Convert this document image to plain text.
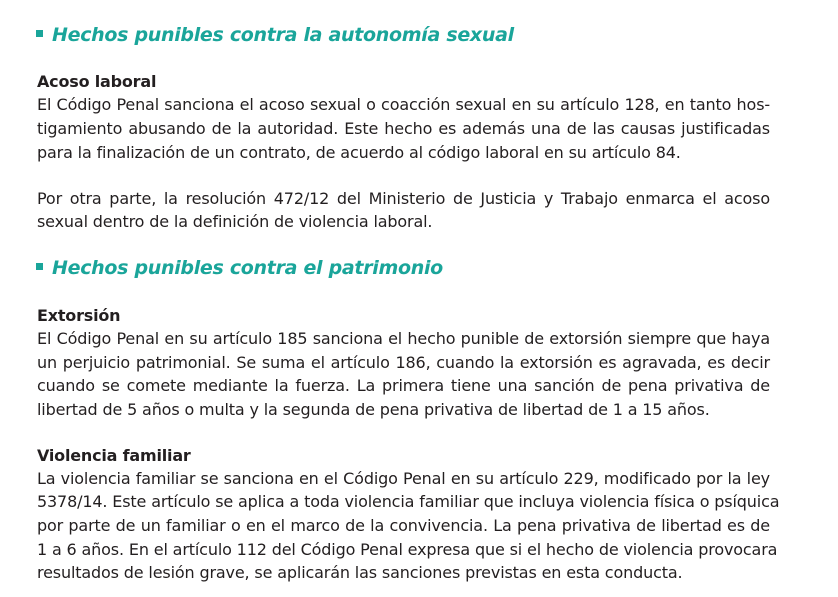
Hechos punibles contra la autonomía sexual
Acoso laboral

El Código Penal sanciona el acoso sexual o coacción sexual en su artículo 128, en tanto hos-

tigamiento abusando de la autoridad. Este hecho es además una de las causas justificadas

para la finalización de un contrato, de acuerdo al código laboral en su artículo 84.

Por otra parte, la resolución 472/12 del Ministerio de Justicia y Trabajo enmarca el acoso

sexual dentro de la definición de violencia laboral.

Hechos punibles contra el patrimonio
Extorsión

El Código Penal en su artículo 185 sanciona el hecho punible de extorsión siempre que haya

un perjuicio patrimonial. Se suma el artículo 186, cuando la extorsión es agravada, es decir

cuando se comete mediante la fuerza. La primera tiene una sanción de pena privativa de

libertad de 5 años o multa y la segunda de pena privativa de libertad de 1 a 15 años.

Violencia familiar

La violencia familiar se sanciona en el Código Penal en su artículo 229, modificado por la ley

5378/14. Este artículo se aplica a toda violencia familiar que incluya violencia física o psíquica

por parte de un familiar o en el marco de la convivencia. La pena privativa de libertad es de

1 a 6 años. En el artículo 112 del Código Penal expresa que si el hecho de violencia provocara

resultados de lesión grave, se aplicarán las sanciones previstas en esta conducta.
